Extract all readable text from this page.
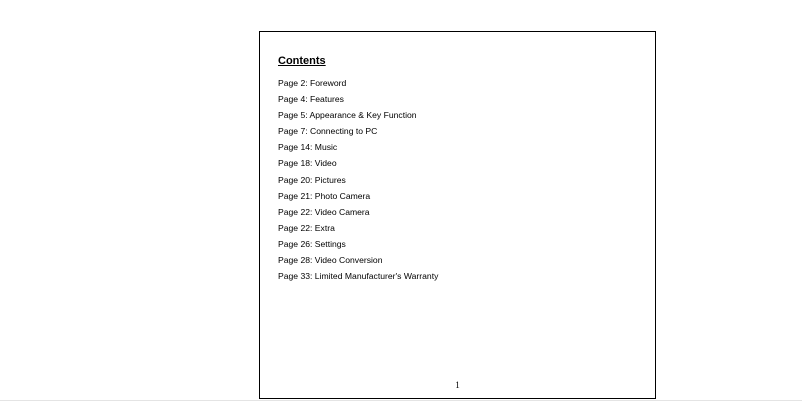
Contents
Page 2: Foreword
Page 4: Features
Page 5: Appearance & Key Function
Page 7: Connecting to PC
Page 14: Music
Page 18: Video
Page 20: Pictures
Page 21: Photo Camera
Page 22: Video Camera
Page 22: Extra
Page 26: Settings
Page 28: Video Conversion
Page 33: Limited Manufacturer's Warranty
1
